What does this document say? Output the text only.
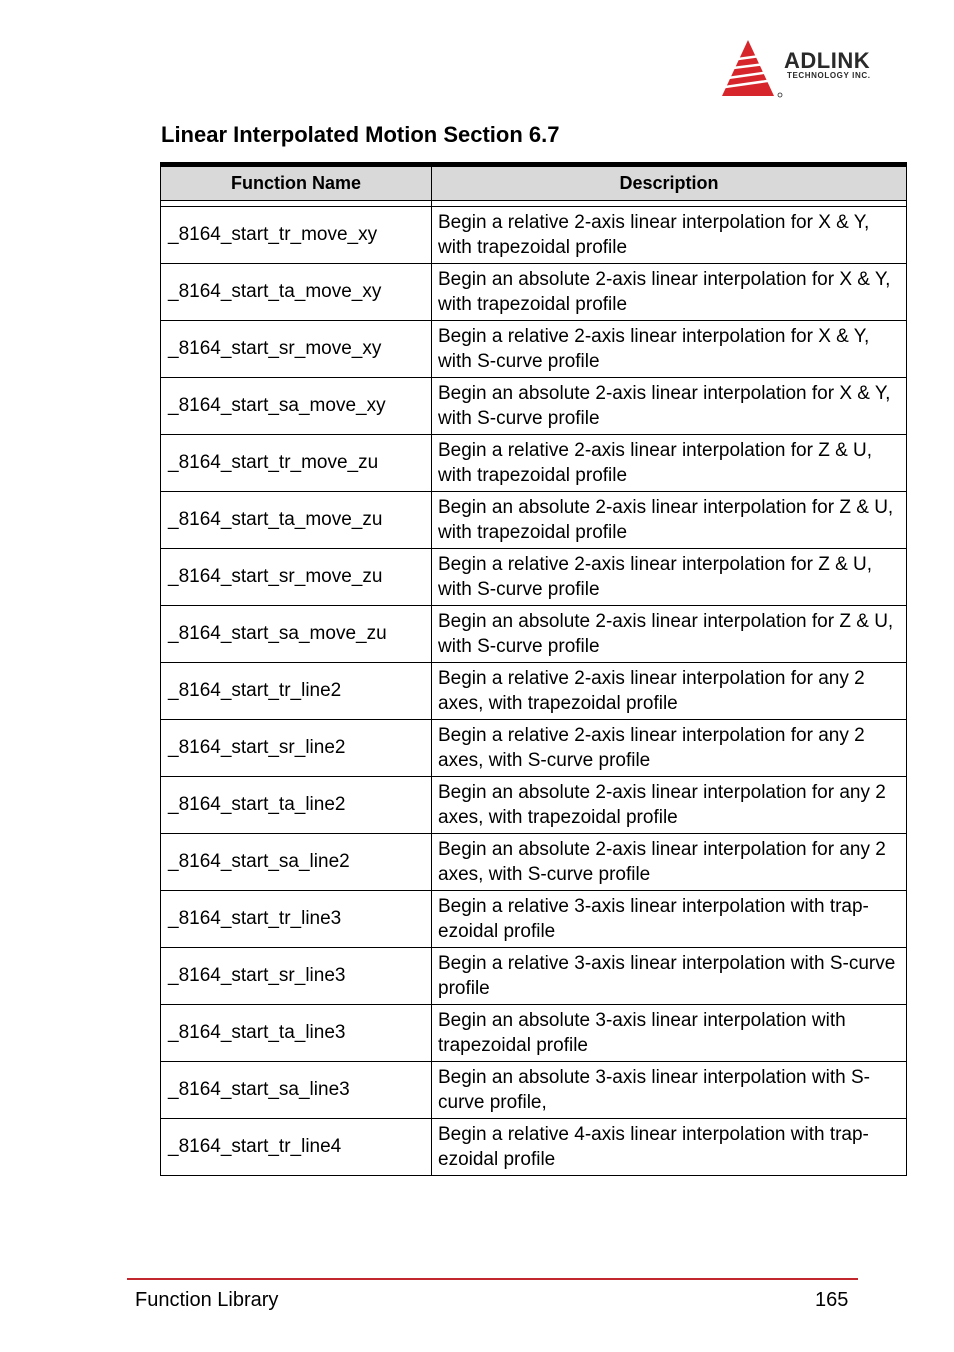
ADLINK
TECHNOLOGY INC.
Linear Interpolated Motion Section 6.7
Function Name	Description
_8164_start_tr_move_xy
Begin a relative 2-axis linear interpolation for X & Y, with trapezoidal profile
_8164_start_ta_move_xy
Begin an absolute 2-axis linear interpolation for X & Y, with trapezoidal profile
_8164_start_sr_move_xy
Begin a relative 2-axis linear interpolation for X & Y, with S-curve profile
_8164_start_sa_move_xy
Begin an absolute 2-axis linear interpolation for X & Y, with S-curve profile
_8164_start_tr_move_zu
Begin a relative 2-axis linear interpolation for Z & U, with trapezoidal profile
_8164_start_ta_move_zu
Begin an absolute 2-axis linear interpolation for Z & U, with trapezoidal profile
_8164_start_sr_move_zu
Begin a relative 2-axis linear interpolation for Z & U, with S-curve profile
_8164_start_sa_move_zu
Begin an absolute 2-axis linear interpolation for Z & U, with S-curve profile
_8164_start_tr_line2
Begin a relative 2-axis linear interpolation for any 2 axes, with trapezoidal profile
_8164_start_sr_line2
Begin a relative 2-axis linear interpolation for any 2 axes, with S-curve profile
_8164_start_ta_line2
Begin an absolute 2-axis linear interpolation for any 2 axes, with trapezoidal profile
_8164_start_sa_line2
Begin an absolute 2-axis linear interpolation for any 2 axes, with S-curve profile
_8164_start_tr_line3
Begin a relative 3-axis linear interpolation with trap-ezoidal profile
_8164_start_sr_line3
Begin a relative 3-axis linear interpolation with S-curve profile
_8164_start_ta_line3
Begin an absolute 3-axis linear interpolation with trapezoidal profile
_8164_start_sa_line3
Begin an absolute 3-axis linear interpolation with S-curve profile,
_8164_start_tr_line4
Begin a relative 4-axis linear interpolation with trap-ezoidal profile
Function Library	165
